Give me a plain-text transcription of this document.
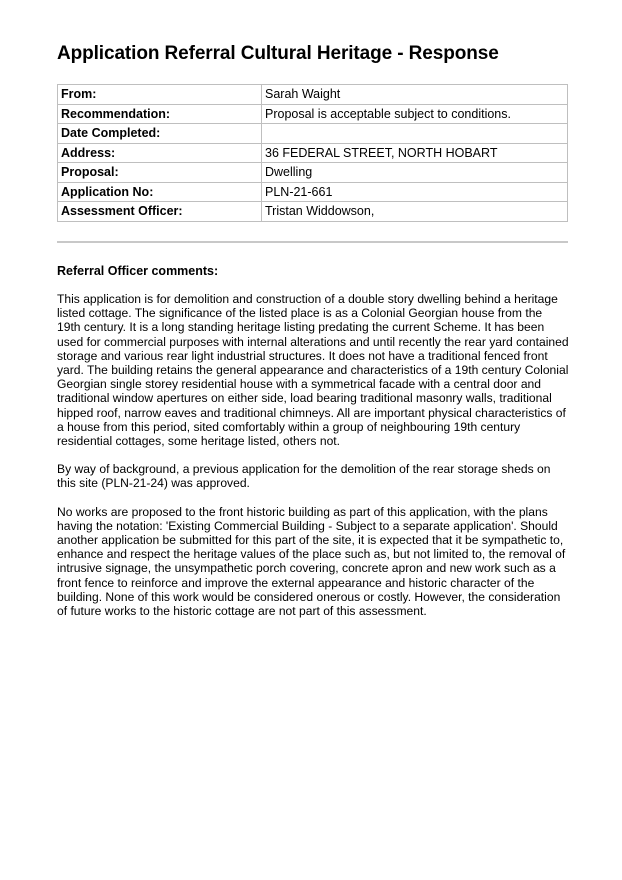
Application Referral Cultural Heritage - Response
From:	Sarah Waight
Recommendation:	Proposal is acceptable subject to conditions.
Date Completed:	
Address:	36 FEDERAL STREET, NORTH HOBART
Proposal:	Dwelling
Application No:	PLN-21-661
Assessment Officer:	Tristan Widdowson,
Referral Officer comments:

This application is for demolition and construction of a double story dwelling behind a heritage listed cottage. The significance of the listed place is as a Colonial Georgian house from the 19th century. It is a long standing heritage listing predating the current Scheme. It has been used for commercial purposes with internal alterations and until recently the rear yard contained storage and various rear light industrial structures. It does not have a traditional fenced front yard. The building retains the general appearance and characteristics of a 19th century Colonial Georgian single storey residential house with a symmetrical facade with a central door and traditional window apertures on either side, load bearing traditional masonry walls, traditional hipped roof, narrow eaves and traditional chimneys. All are important physical characteristics of a house from this period, sited comfortably within a group of neighbouring 19th century residential cottages, some heritage listed, others not.

By way of background, a previous application for the demolition of the rear storage sheds on this site (PLN-21-24) was approved.

No works are proposed to the front historic building as part of this application, with the plans having the notation: 'Existing Commercial Building - Subject to a separate application'. Should another application be submitted for this part of the site, it is expected that it be sympathetic to, enhance and respect the heritage values of the place such as, but not limited to, the removal of intrusive signage, the unsympathetic porch covering, concrete apron and new work such as a front fence to reinforce and improve the external appearance and historic character of the building. None of this work would be considered onerous or costly. However, the consideration of future works to the historic cottage are not part of this assessment.
